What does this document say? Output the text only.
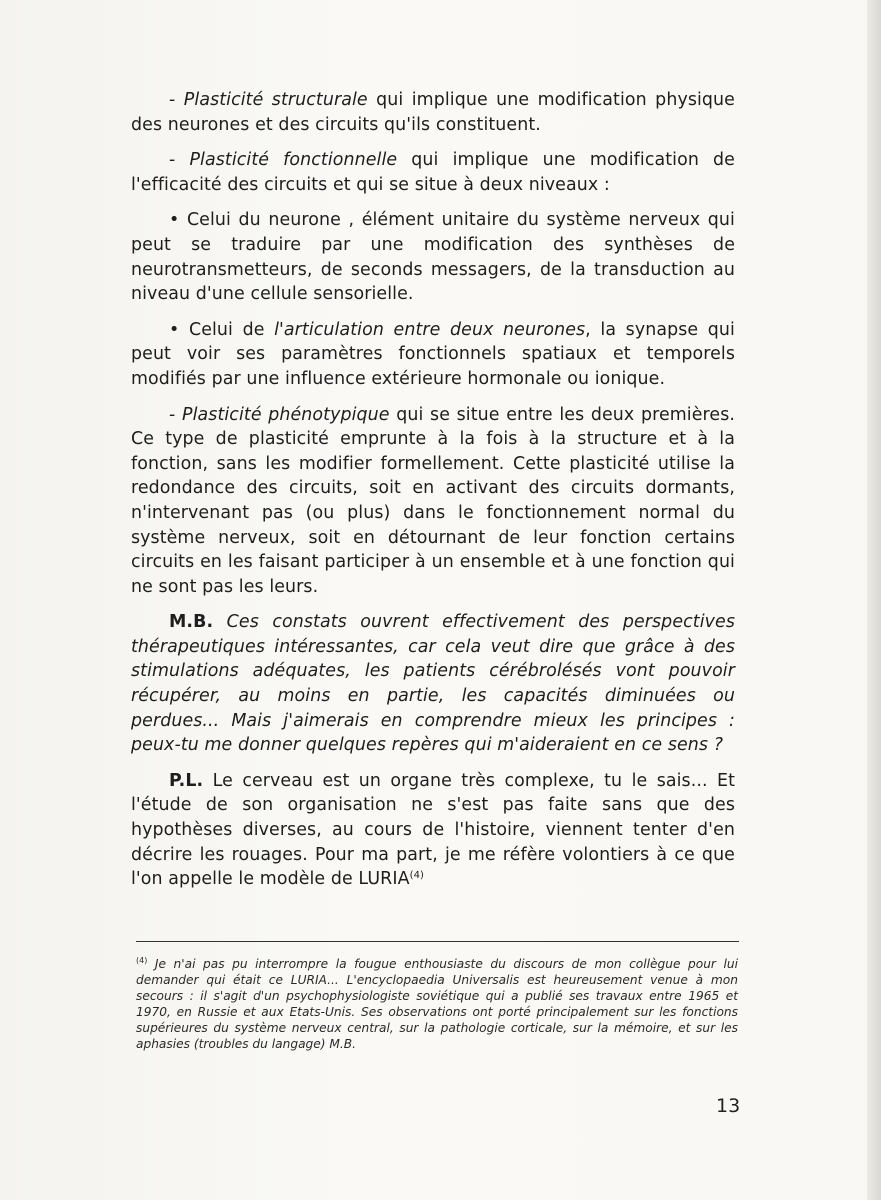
- Plasticité structurale qui implique une modification physique des neurones et des circuits qu'ils constituent.

- Plasticité fonctionnelle qui implique une modification de l'efficacité des circuits et qui se situe à deux niveaux :

• Celui du neurone , élément unitaire du système nerveux qui peut se traduire par une modification des synthèses de neurotransmetteurs, de seconds messagers, de la transduction au niveau d'une cellule sensorielle.

• Celui de l'articulation entre deux neurones, la synapse qui peut voir ses paramètres fonctionnels spatiaux et temporels modifiés par une influence extérieure hormonale ou ionique.

- Plasticité phénotypique qui se situe entre les deux premières. Ce type de plasticité emprunte à la fois à la structure et à la fonction, sans les modifier formellement. Cette plasticité utilise la redondance des circuits, soit en activant des circuits dormants, n'intervenant pas (ou plus) dans le fonctionnement normal du système nerveux, soit en détournant de leur fonction certains circuits en les faisant participer à un ensemble et à une fonction qui ne sont pas les leurs.

M.B. Ces constats ouvrent effectivement des perspectives thérapeutiques intéressantes, car cela veut dire que grâce à des stimulations adéquates, les patients cérébrolésés vont pouvoir récupérer, au moins en partie, les capacités diminuées ou perdues... Mais j'aimerais en comprendre mieux les principes : peux-tu me donner quelques repères qui m'aideraient en ce sens ?

P.L. Le cerveau est un organe très complexe, tu le sais... Et l'étude de son organisation ne s'est pas faite sans que des hypothèses diverses, au cours de l'histoire, viennent tenter d'en décrire les rouages. Pour ma part, je me réfère volontiers à ce que l'on appelle le modèle de LURIA$^{(4)}$

$^{(4)}$ Je n'ai pas pu interrompre la fougue enthousiaste du discours de mon collègue pour lui demander qui était ce LURIA... L'encyclopaedia Universalis est heureusement venue à mon secours : il s'agit d'un psychophysiologiste soviétique qui a publié ses travaux entre 1965 et 1970, en Russie et aux Etats-Unis. Ses observations ont porté principalement sur les fonctions supérieures du système nerveux central, sur la pathologie corticale, sur la mémoire, et sur les aphasies (troubles du langage) M.B.
13
